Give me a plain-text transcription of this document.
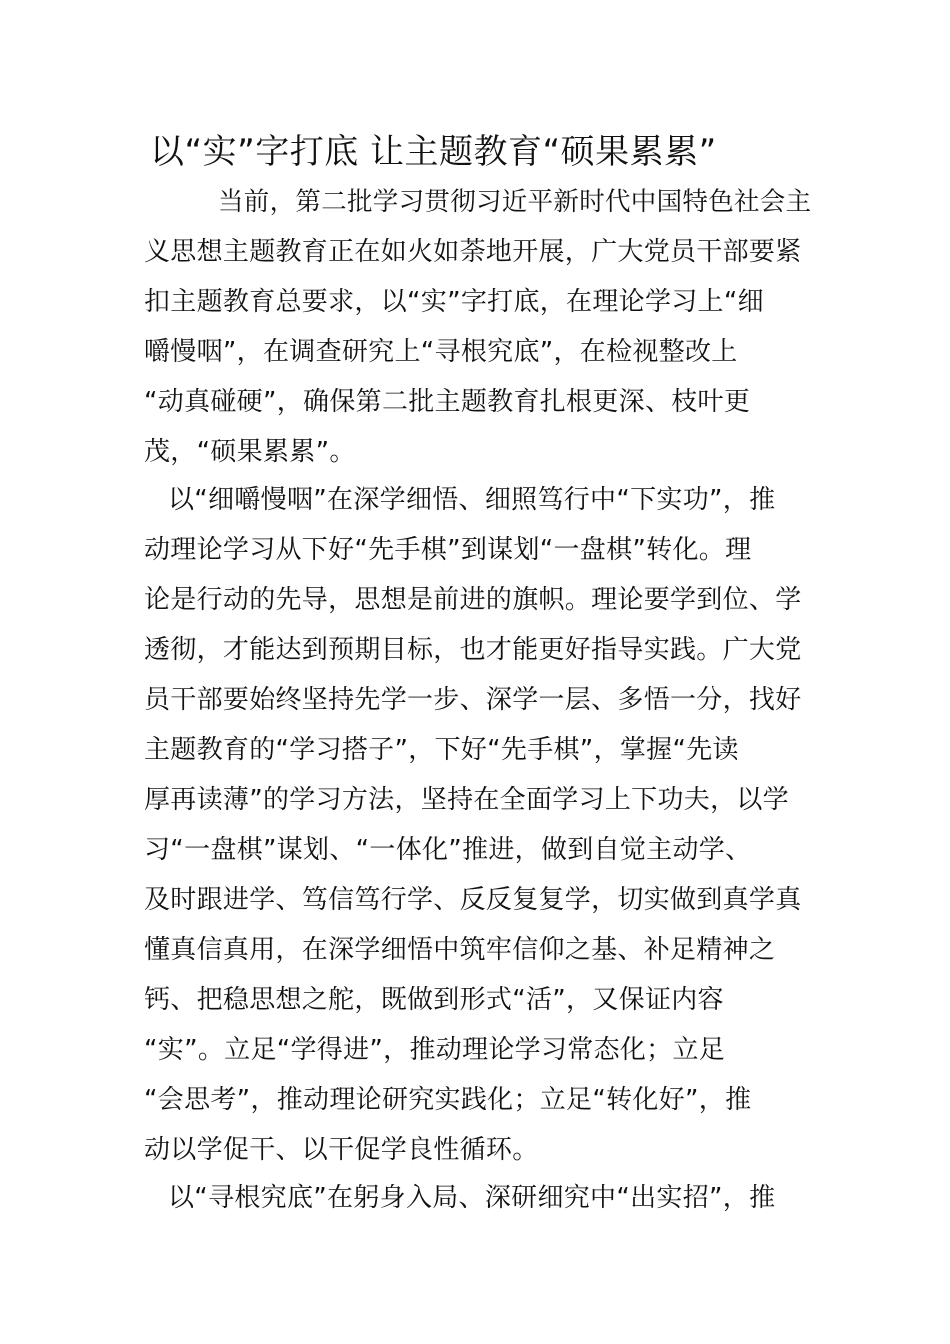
以“实”字打底 让主题教育“硕果累累”

当前，第二批学习贯彻习近平新时代中国特色社会主

义思想主题教育正在如火如荼地开展，广大党员干部要紧

扣主题教育总要求，以“实”字打底，在理论学习上“细

嚼慢咽”，在调查研究上“寻根究底”，在检视整改上

“动真碰硬”，确保第二批主题教育扎根更深、枝叶更

茂，“硕果累累”。

以“细嚼慢咽”在深学细悟、细照笃行中“下实功”，推

动理论学习从下好“先手棋”到谋划“一盘棋”转化。理

论是行动的先导，思想是前进的旗帜。理论要学到位、学

透彻，才能达到预期目标，也才能更好指导实践。广大党

员干部要始终坚持先学一步、深学一层、多悟一分，找好

主题教育的“学习搭子”，下好“先手棋”，掌握“先读

厚再读薄”的学习方法，坚持在全面学习上下功夫，以学

习“一盘棋”谋划、“一体化”推进，做到自觉主动学、

及时跟进学、笃信笃行学、反反复复学，切实做到真学真

懂真信真用，在深学细悟中筑牢信仰之基、补足精神之

钙、把稳思想之舵，既做到形式“活”，又保证内容

“实”。立足“学得进”，推动理论学习常态化；立足

“会思考”，推动理论研究实践化；立足“转化好”，推

动以学促干、以干促学良性循环。

以“寻根究底”在躬身入局、深研细究中“出实招”，推
